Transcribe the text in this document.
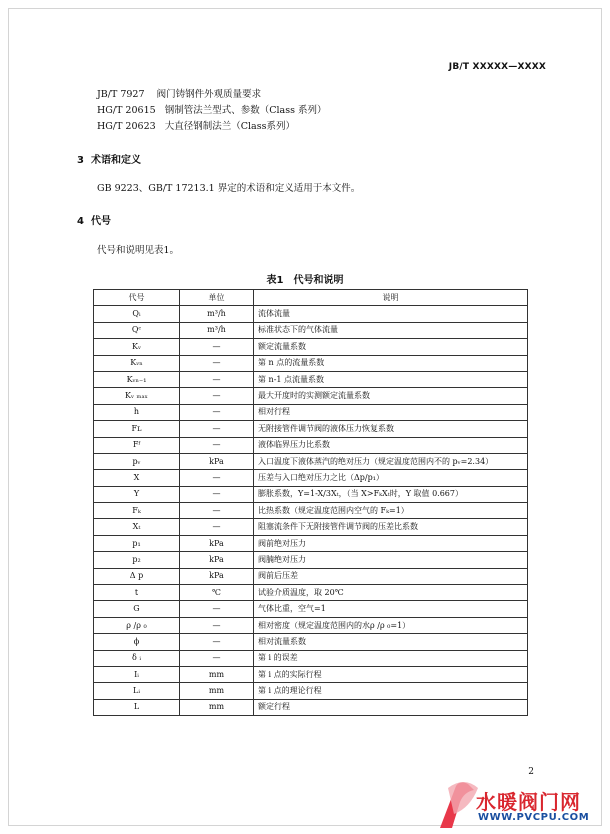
JB/T XXXXX—XXXX
JB/T 7927 阀门铸钢件外观质量要求
HG/T 20615 钢制管法兰型式、参数（Class 系列）
HG/T 20623 大直径钢制法兰（Class系列）
3 术语和定义
GB 9223、GB/T 17213.1 界定的术语和定义适用于本文件。
4 代号
代号和说明见表1。
表1　代号和说明
代号	单位	说明
Qᵢ	m³/h	流体流量
Qᶜ	m³/h	标准状态下的气体流量
Kᵥ	—	额定流量系数
Kᵥₙ	—	第 n 点的流量系数
Kᵥₙ₋₁	—	第 n-1 点流量系数
Kᵥ ₘₐₓ	—	最大开度时的实测额定流量系数
h	—	相对行程
Fʟ	—	无附接管件调节阀的液体压力恢复系数
Fᶠ	—	液体临界压力比系数
pᵥ	kPa	入口温度下液体蒸汽的绝对压力（规定温度范围内不的 pᵥ=2.34）
X	—	压差与入口绝对压力之比（Δp/p₁）
Y	—	膨胀系数，Y=1-X/3Xₜ，（当 X>FₖXₜ时，Y 取值 0.667）
Fₖ	—	比热系数（规定温度范围内空气的 Fₖ=1）
Xₜ	—	阻塞流条件下无附接管件调节阀的压差比系数
p₁	kPa	阀前绝对压力
p₂	kPa	阀腩绝对压力
Δ p	kPa	阀前后压差
t	℃	试验介质温度，取 20℃
G	—	气体比重，空气=1
ρ /ρ ₀	—	相对密度（规定温度范围内的水ρ /ρ ₀=1）
ϕ	—	相对流量系数
δ ᵢ	—	第 i 的误差
Iᵢ	mm	第 i 点的实际行程
Lᵢ	mm	第 i 点的理论行程
L	mm	额定行程
2
水暖阀门网
WWW.PVCPU.COM
